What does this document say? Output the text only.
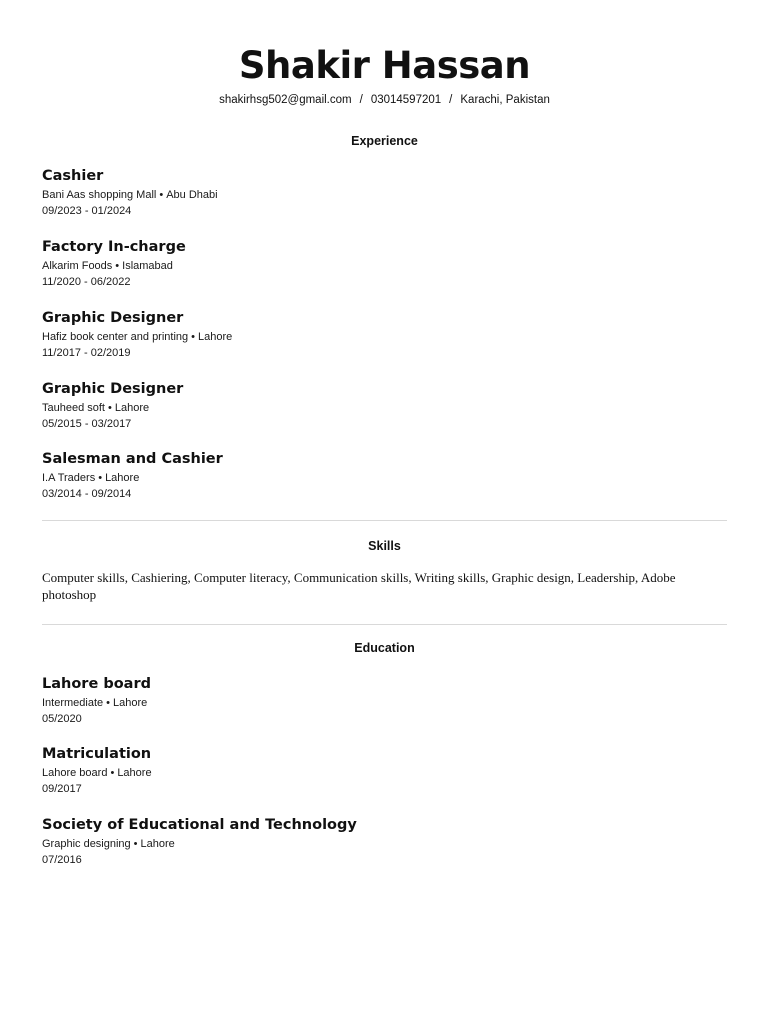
Shakir Hassan
shakirhsg502@gmail.com / 03014597201 / Karachi, Pakistan
Experience
Cashier
Bani Aas shopping Mall • Abu Dhabi
09/2023 - 01/2024
Factory In-charge
Alkarim Foods • Islamabad
11/2020 - 06/2022
Graphic Designer
Hafiz book center and printing • Lahore
11/2017 - 02/2019
Graphic Designer
Tauheed soft • Lahore
05/2015 - 03/2017
Salesman and Cashier
I.A Traders • Lahore
03/2014 - 09/2014
Skills
Computer skills, Cashiering, Computer literacy, Communication skills, Writing skills, Graphic design, Leadership, Adobe photoshop
Education
Lahore board
Intermediate • Lahore
05/2020
Matriculation
Lahore board • Lahore
09/2017
Society of Educational and Technology
Graphic designing • Lahore
07/2016
